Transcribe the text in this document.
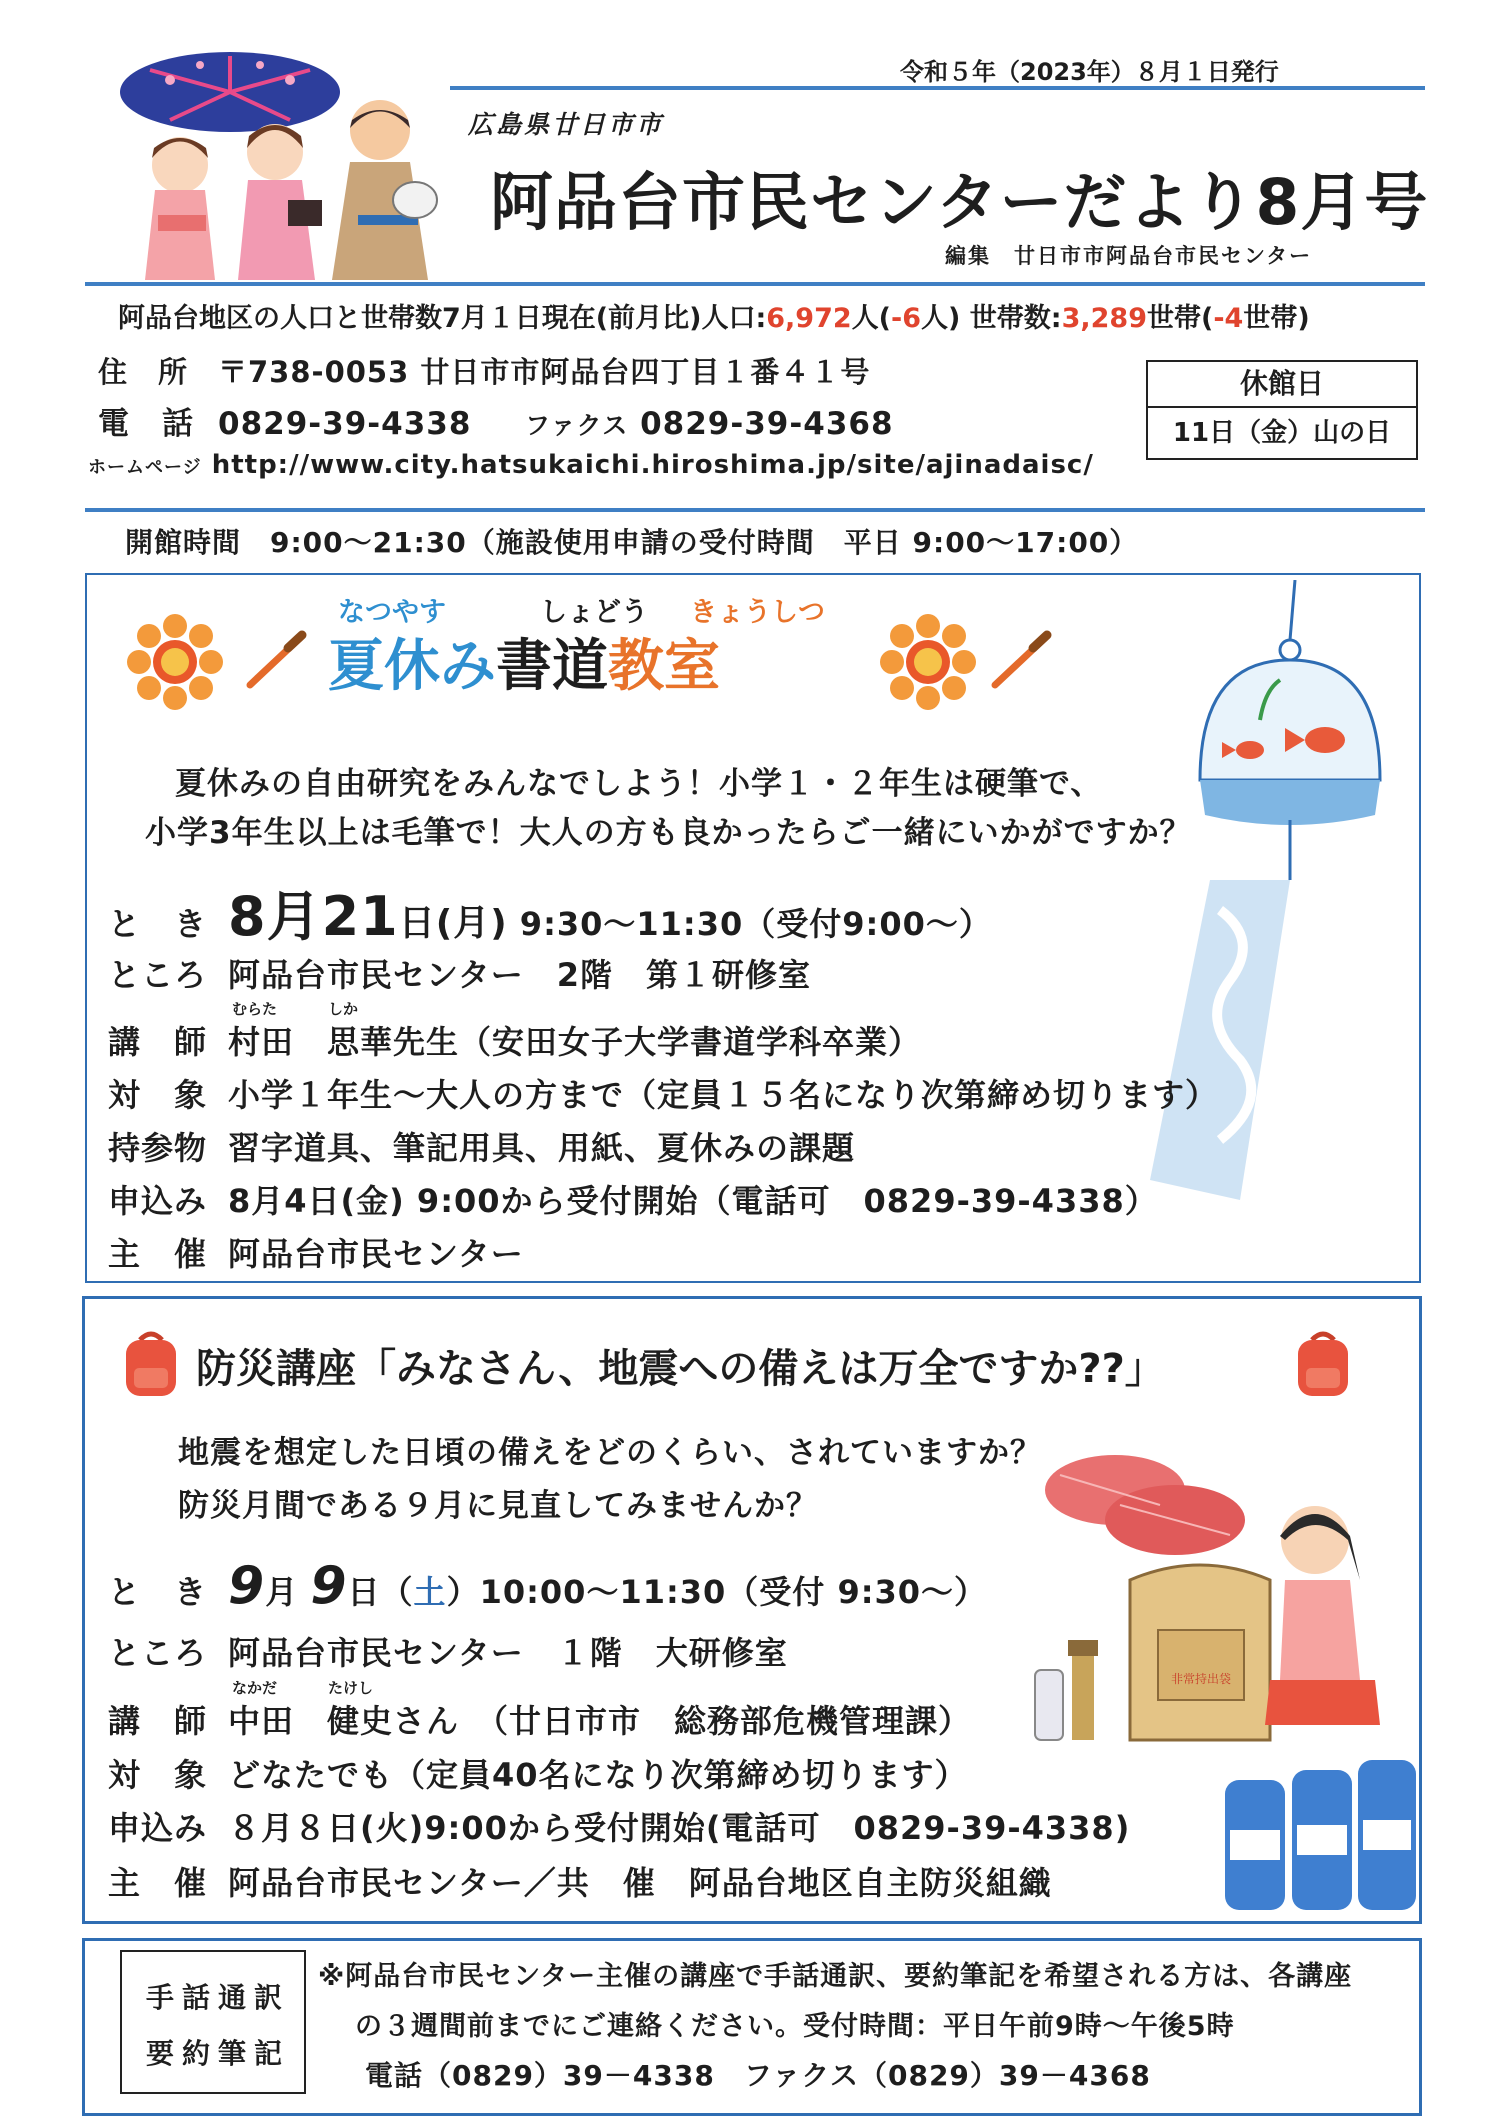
令和５年（2023年）８月１日発行
広島県廿日市市
阿品台市民センターだより8月号
編集　廿日市市阿品台市民センター
阿品台地区の人口と世帯数7月１日現在(前月比)人口:6,972人(-6人) 世帯数:3,289世帯(-4世帯)
住　所 〒738-0053 廿日市市阿品台四丁目１番４１号
電　話 0829-39-4338 ファクス 0829-39-4368
ホームページ http://www.city.hatsukaichi.hiroshima.jp/site/ajinadaisc/
休館日
11日（金）山の日
開館時間　9:00～21:30（施設使用申請の受付時間　平日 9:00～17:00）
なつやす	しょどう きょうしつ
夏休み書道教室
夏休みの自由研究をみんなでしよう！小学１・２年生は硬筆で、
小学3年生以上は毛筆で！大人の方も良かったらご一緒にいかがですか？
と　き 8月21日(月) 9:30～11:30（受付9:00～）
ところ 阿品台市民センター　2階　第１研修室
むらた	しか
講　師 村田　思華先生（安田女子大学書道学科卒業）
対　象 小学１年生～大人の方まで（定員１５名になり次第締め切ります）
持参物 習字道具、筆記用具、用紙、夏休みの課題
申込み 8月4日(金) 9:00から受付開始（電話可　0829-39-4338）
主　催 阿品台市民センター
防災講座「みなさん、地震への備えは万全ですか??」
地震を想定した日頃の備えをどのくらい、されていますか？
防災月間である９月に見直してみませんか？
と　き 9月 9日（土）10:00～11:30（受付 9:30～）
ところ 阿品台市民センター　１階　大研修室
なかだ	たけし
講　師 中田　健史さん　（廿日市市　総務部危機管理課）
対　象 どなたでも（定員40名になり次第締め切ります）
申込み ８月８日(火)9:00から受付開始(電話可　0829-39-4338)
主　催 阿品台市民センター／共　催　阿品台地区自主防災組織
非常持出袋
手話通訳
要約筆記
※阿品台市民センター主催の講座で手話通訳、要約筆記を希望される方は、各講座
の３週間前までにご連絡ください。受付時間：平日午前9時～午後5時
電話（0829）39－4338　ファクス（0829）39－4368
